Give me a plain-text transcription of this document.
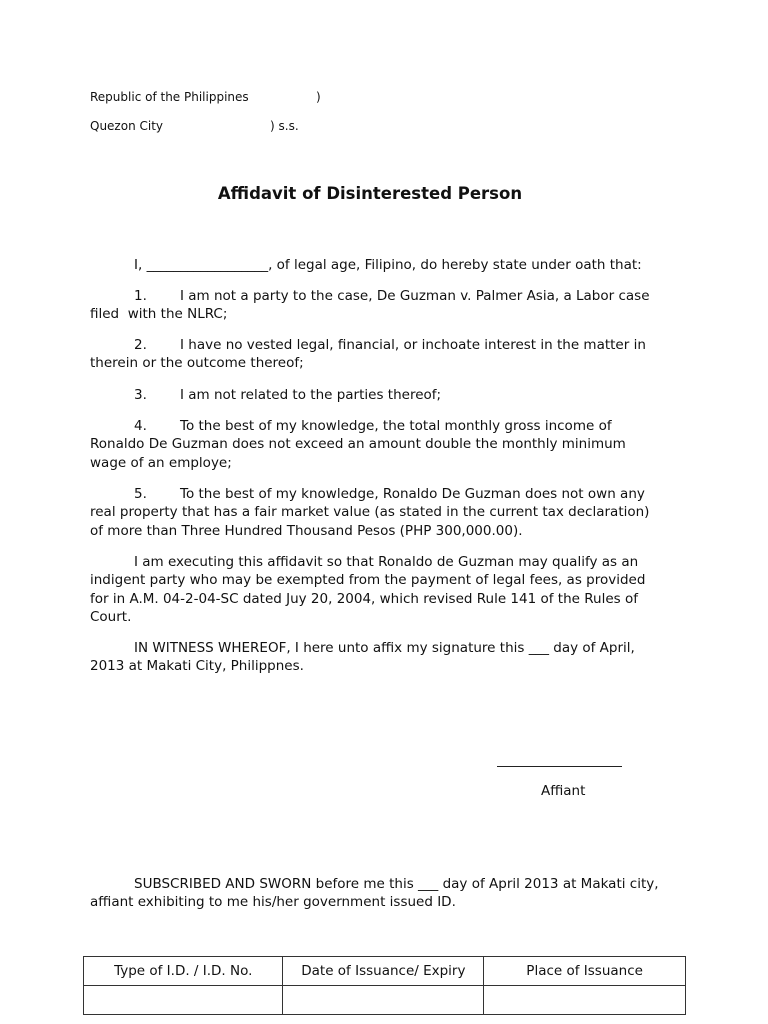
Republic of the Philippines	)
Quezon City	) s.s.
Affidavit of Disinterested Person
I, __________________, of legal age, Filipino, do hereby state under oath that:
1. I am not a party to the case, De Guzman v. Palmer Asia, a Labor case
filed  with the NLRC;
2. I have no vested legal, financial, or inchoate interest in the matter in
therein or the outcome thereof;
3. I am not related to the parties thereof;
4. To the best of my knowledge, the total monthly gross income of
Ronaldo De Guzman does not exceed an amount double the monthly minimum
wage of an employe;
5. To the best of my knowledge, Ronaldo De Guzman does not own any
real property that has a fair market value (as stated in the current tax declaration)
of more than Three Hundred Thousand Pesos (PHP 300,000.00).
I am executing this affidavit so that Ronaldo de Guzman may qualify as an
indigent party who may be exempted from the payment of legal fees, as provided
for in A.M. 04-2-04-SC dated Juy 20, 2004, which revised Rule 141 of the Rules of
Court.
IN WITNESS WHEREOF, I here unto affix my signature this ___ day of April,
2013 at Makati City, Philippnes.
Affiant
SUBSCRIBED AND SWORN before me this ___ day of April 2013 at Makati city,
affiant exhibiting to me his/her government issued ID.
Type of I.D. / I.D. No.	Date of Issuance/ Expiry	Place of Issuance
